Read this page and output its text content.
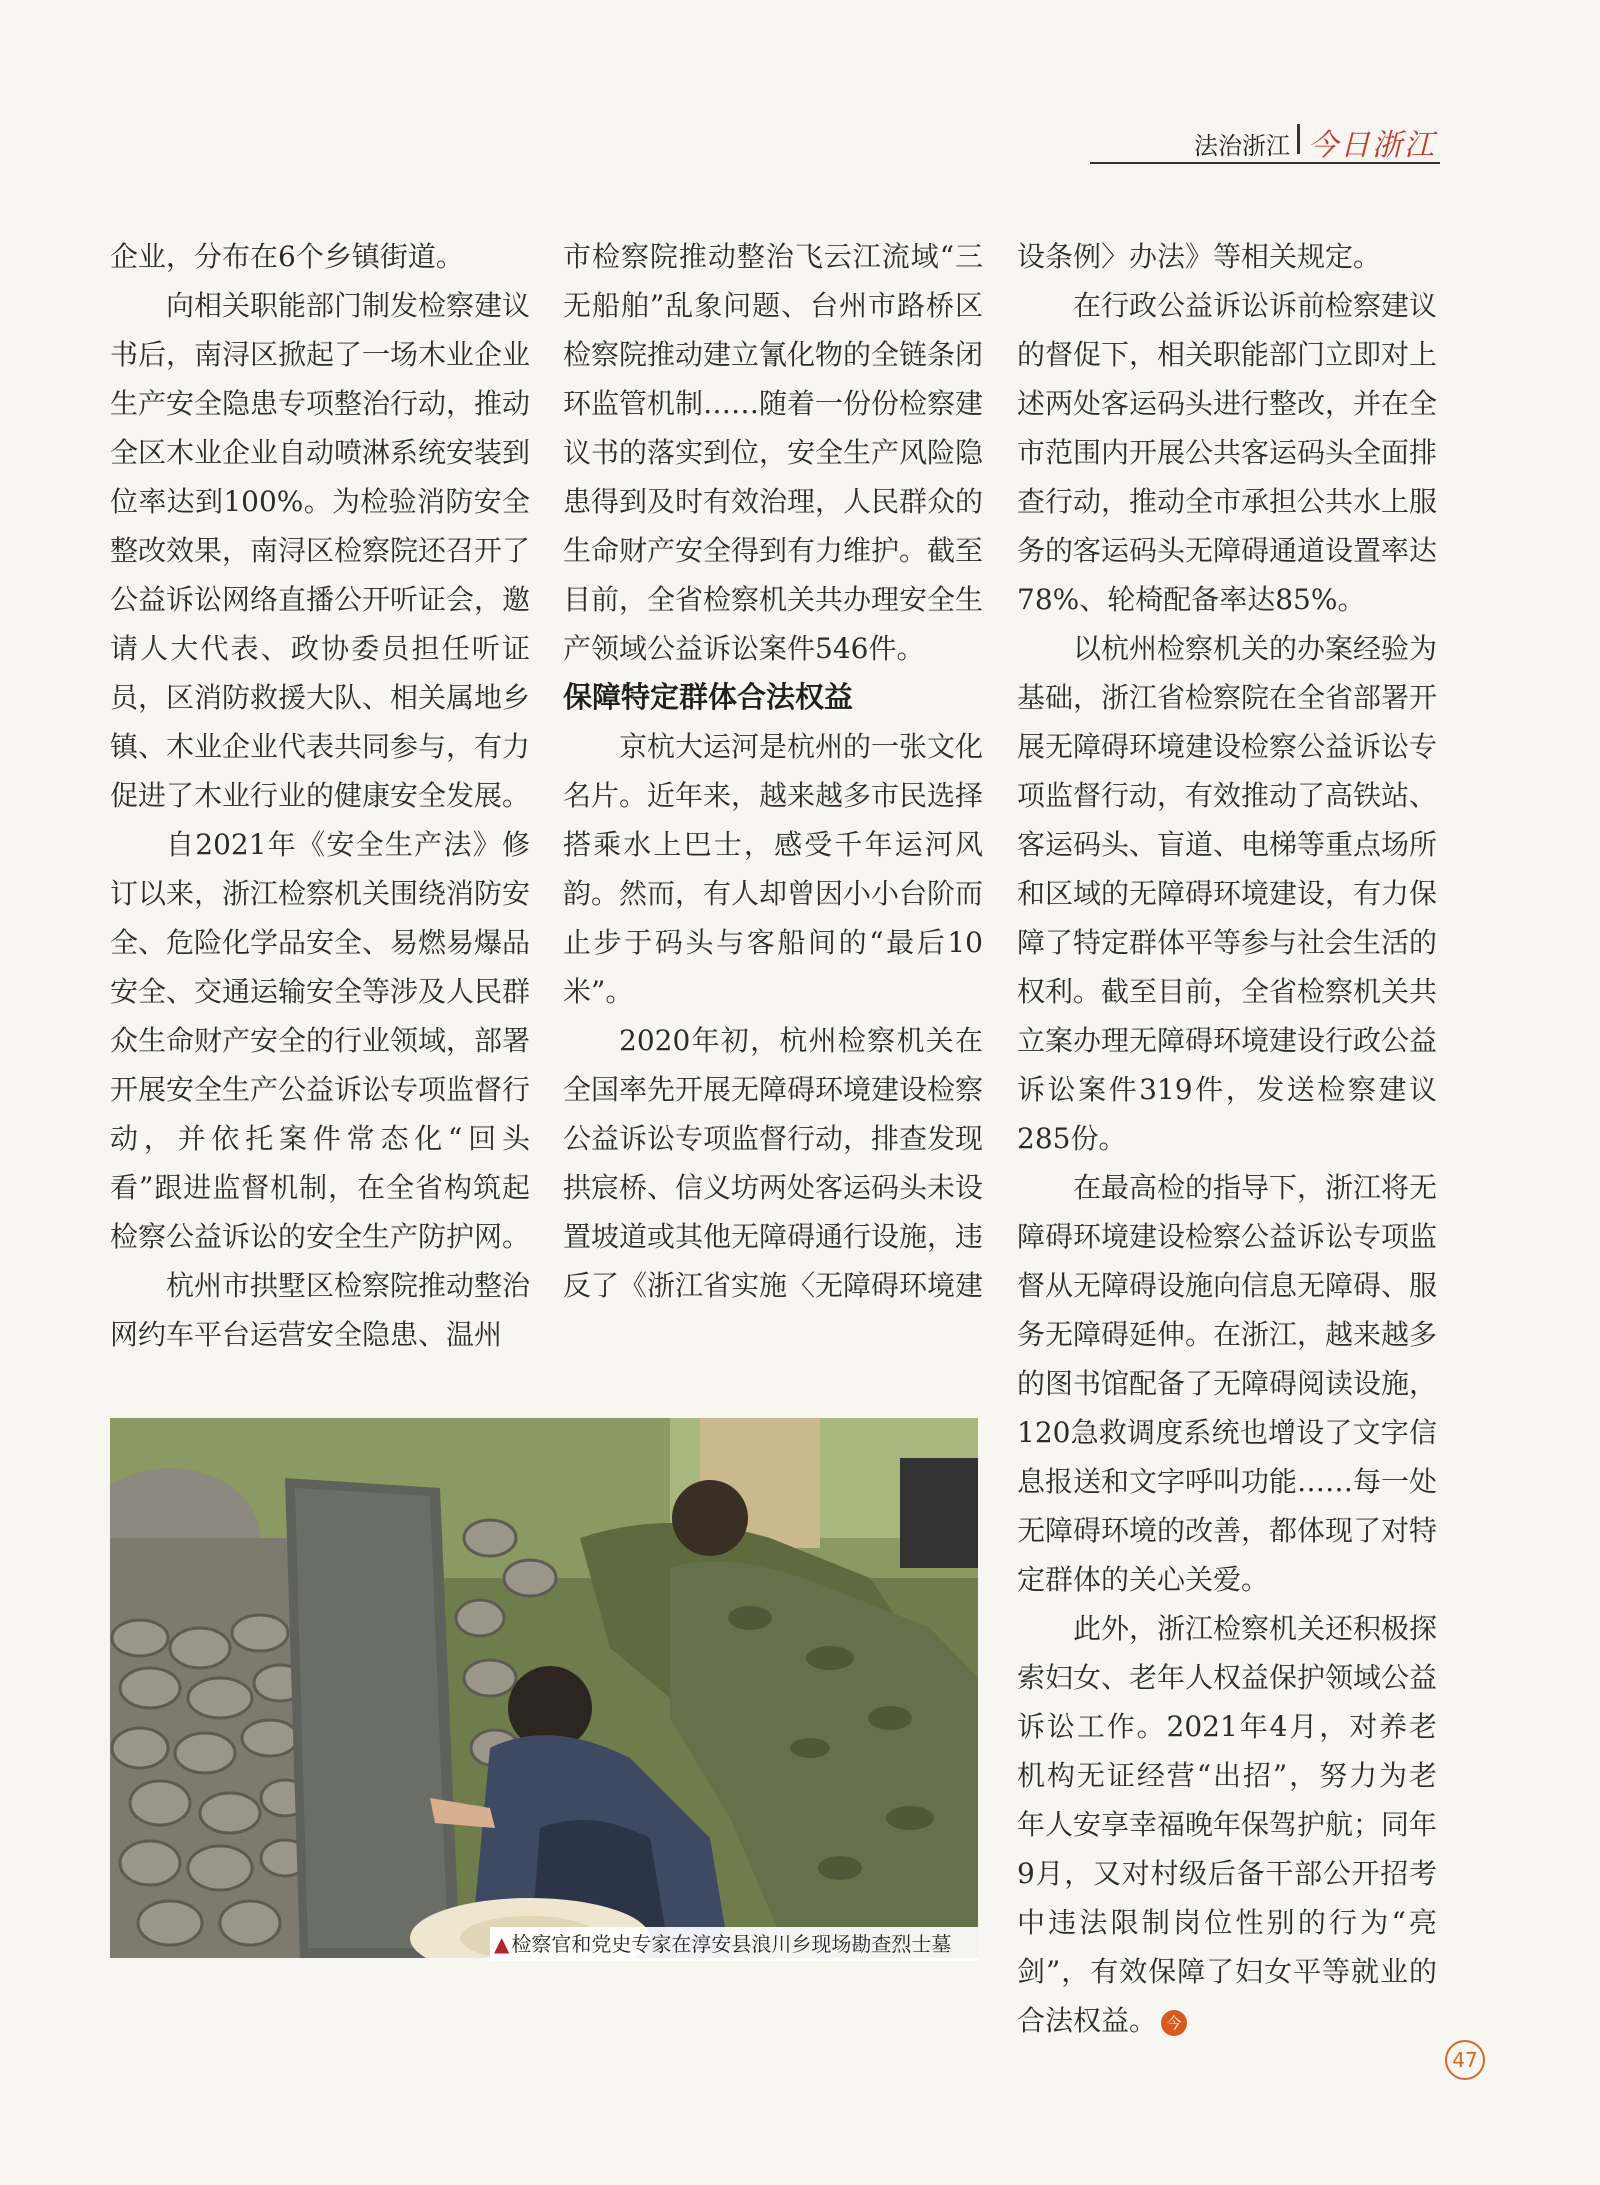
法治浙江 今日浙江

企业，分布在6个乡镇街道。

向相关职能部门制发检察建议书后，南浔区掀起了一场木业企业生产安全隐患专项整治行动，推动全区木业企业自动喷淋系统安装到位率达到100%。为检验消防安全整改效果，南浔区检察院还召开了公益诉讼网络直播公开听证会，邀请人大代表、政协委员担任听证员，区消防救援大队、相关属地乡镇、木业企业代表共同参与，有力促进了木业行业的健康安全发展。

自2021年《安全生产法》修订以来，浙江检察机关围绕消防安全、危险化学品安全、易燃易爆品安全、交通运输安全等涉及人民群众生命财产安全的行业领域，部署开展安全生产公益诉讼专项监督行动，并依托案件常态化“回头看”跟进监督机制，在全省构筑起检察公益诉讼的安全生产防护网。

杭州市拱墅区检察院推动整治网约车平台运营安全隐患、温州

市检察院推动整治飞云江流域“三无船舶”乱象问题、台州市路桥区检察院推动建立氰化物的全链条闭环监管机制……随着一份份检察建议书的落实到位，安全生产风险隐患得到及时有效治理，人民群众的生命财产安全得到有力维护。截至目前，全省检察机关共办理安全生产领域公益诉讼案件546件。

保障特定群体合法权益

京杭大运河是杭州的一张文化名片。近年来，越来越多市民选择搭乘水上巴士，感受千年运河风韵。然而，有人却曾因小小台阶而止步于码头与客船间的“最后10米”。

2020年初，杭州检察机关在全国率先开展无障碍环境建设检察公益诉讼专项监督行动，排查发现拱宸桥、信义坊两处客运码头未设置坡道或其他无障碍通行设施，违反了《浙江省实施〈无障碍环境建

设条例〉办法》等相关规定。

在行政公益诉讼诉前检察建议的督促下，相关职能部门立即对上述两处客运码头进行整改，并在全市范围内开展公共客运码头全面排查行动，推动全市承担公共水上服务的客运码头无障碍通道设置率达78%、轮椅配备率达85%。

以杭州检察机关的办案经验为基础，浙江省检察院在全省部署开展无障碍环境建设检察公益诉讼专项监督行动，有效推动了高铁站、客运码头、盲道、电梯等重点场所和区域的无障碍环境建设，有力保障了特定群体平等参与社会生活的权利。截至目前，全省检察机关共立案办理无障碍环境建设行政公益诉讼案件319件，发送检察建议285份。

在最高检的指导下，浙江将无障碍环境建设检察公益诉讼专项监督从无障碍设施向信息无障碍、服务无障碍延伸。在浙江，越来越多的图书馆配备了无障碍阅读设施，120急救调度系统也增设了文字信息报送和文字呼叫功能……每一处无障碍环境的改善，都体现了对特定群体的关心关爱。

此外，浙江检察机关还积极探索妇女、老年人权益保护领域公益诉讼工作。2021年4月，对养老机构无证经营“出招”，努力为老年人安享幸福晚年保驾护航；同年9月，又对村级后备干部公开招考中违法限制岗位性别的行为“亮剑”，有效保障了妇女平等就业的合法权益。 今

▲ 检察官和党史专家在淳安县浪川乡现场勘查烈士墓
47
